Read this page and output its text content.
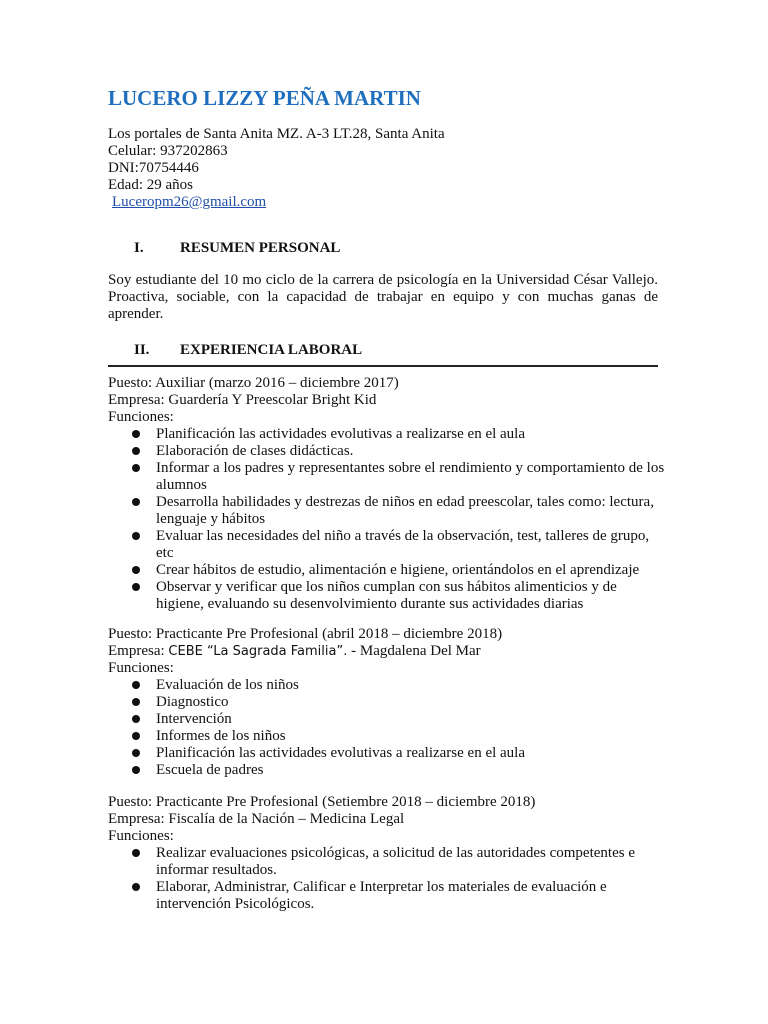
LUCERO LIZZY PEÑA MARTIN
Los portales de Santa Anita MZ. A-3 LT.28, Santa Anita
Celular: 937202863
DNI:70754446
Edad: 29 años
Luceropm26@gmail.com
I. RESUMEN PERSONAL

Soy estudiante del 10 mo ciclo de la carrera de psicología en la Universidad César Vallejo. Proactiva, sociable, con la capacidad de trabajar en equipo y con muchas ganas de aprender.

II. EXPERIENCIA LABORAL
Puesto: Auxiliar (marzo 2016 – diciembre 2017)
Empresa: Guardería Y Preescolar Bright Kid
Funciones:
Planificación las actividades evolutivas a realizarse en el aula
Elaboración de clases didácticas.
Informar a los padres y representantes sobre el rendimiento y comportamiento de los alumnos
Desarrolla habilidades y destrezas de niños en edad preescolar, tales como: lectura, lenguaje y hábitos
Evaluar las necesidades del niño a través de la observación, test, talleres de grupo, etc
Crear hábitos de estudio, alimentación e higiene, orientándolos en el aprendizaje
Observar y verificar que los niños cumplan con sus hábitos alimenticios y de higiene, evaluando su desenvolvimiento durante sus actividades diarias
Puesto: Practicante Pre Profesional (abril 2018 – diciembre 2018)
Empresa: CEBE “La Sagrada Familia”. - Magdalena Del Mar
Funciones:
Evaluación de los niños
Diagnostico
Intervención
Informes de los niños
Planificación las actividades evolutivas a realizarse en el aula
Escuela de padres
Puesto: Practicante Pre Profesional (Setiembre 2018 – diciembre 2018)
Empresa: Fiscalía de la Nación – Medicina Legal
Funciones:
Realizar evaluaciones psicológicas, a solicitud de las autoridades competentes e informar resultados.
Elaborar, Administrar, Calificar e Interpretar los materiales de evaluación e intervención Psicológicos.
